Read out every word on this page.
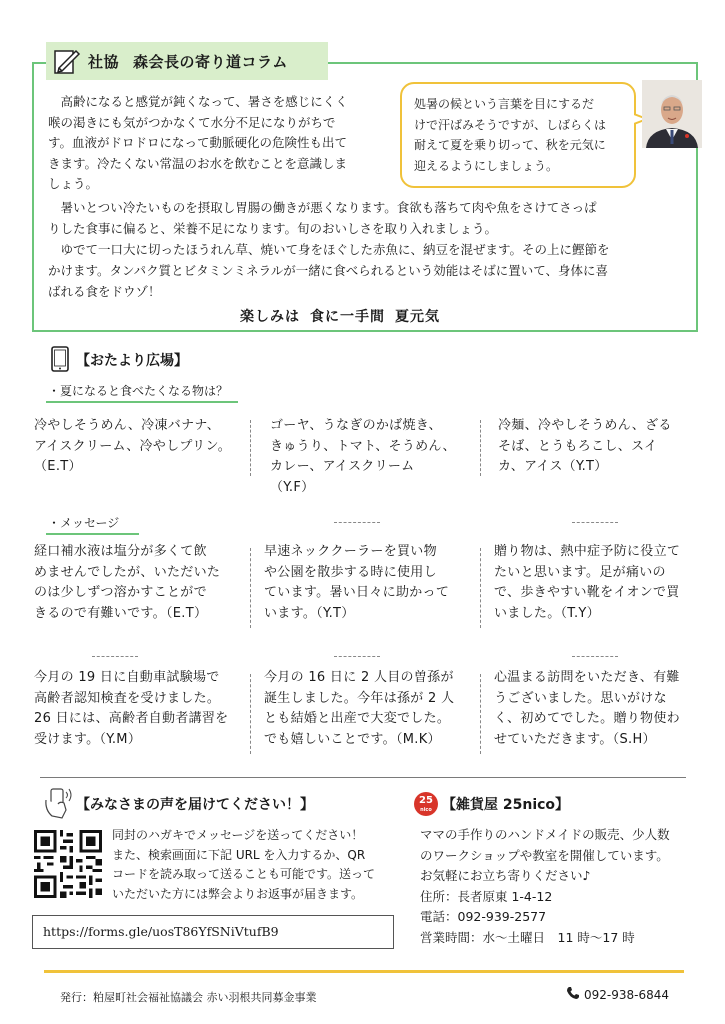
社協 森会長の寄り道コラム
高齢になると感覚が鈍くなって、暑さを感じにくく
喉の渇きにも気がつかなくて水分不足になりがちで
す。血液がドロドロになって動脈硬化の危険性も出て
きます。冷たくない常温のお水を飲むことを意識しま
しょう。
暑いとつい冷たいものを摂取し胃腸の働きが悪くなります。食欲も落ちて肉や魚をさけてさっぱ
りした食事に偏ると、栄養不足になります。旬のおいしさを取り入れましょう。
ゆでて一口大に切ったほうれん草、焼いて身をほぐした赤魚に、納豆を混ぜます。その上に鰹節を
かけます。タンパク質とビタミンミネラルが一緒に食べられるという効能はそばに置いて、身体に喜
ばれる食をドウゾ！
処暑の候という言葉を目にするだ
けで汗ばみそうですが、しばらくは
耐えて夏を乗り切って、秋を元気に
迎えるようにしましょう。
楽しみは 食に一手間 夏元気
【おたより広場】
・夏になると食べたくなる物は？
冷やしそうめん、冷凍バナナ、
アイスクリーム、冷やしプリン。
（E.T）
ゴーヤ、うなぎのかば焼き、
きゅうり、トマト、そうめん、
カレー、アイスクリーム
（Y.F）
冷麺、冷やしそうめん、ざる
そば、とうもろこし、スイ
カ、アイス（Y.T）
・メッセージ
経口補水液は塩分が多くて飲
めませんでしたが、いただいた
のは少しずつ溶かすことがで
きるので有難いです。（E.T）
早速ネッククーラーを買い物
や公園を散歩する時に使用し
ています。暑い日々に助かって
います。（Y.T）
贈り物は、熱中症予防に役立て
たいと思います。足が痛いの
で、歩きやすい靴をイオンで買
いました。（T.Y）
今月の 19 日に自動車試験場で
高齢者認知検査を受けました。
26 日には、高齢者自動者講習を
受けます。（Y.M）
今月の 16 日に 2 人目の曽孫が
誕生しました。今年は孫が 2 人
とも結婚と出産で大変でした。
でも嬉しいことです。（M.K）
心温まる訪問をいただき、有難
うございました。思いがけな
く、初めてでした。贈り物使わ
せていただきます。（S.H）
【みなさまの声を届けてください！】
同封のハガキでメッセージを送ってください！
また、検索画面に下記 URL を入力するか、QR
コードを読み取って送ることも可能です。送って
いただいた方には弊会よりお返事が届きます。
https://forms.gle/uosT86YfSNiVtufB9
25
nico 【雑貨屋 25nico】
ママの手作りのハンドメイドの販売、少人数
のワークショップや教室を開催しています。
お気軽にお立ち寄りください♪
住所：長者原東 1-4-12
電話：092-939-2577
営業時間：水～土曜日　11 時～17 時
発行：粕屋町社会福祉協議会 赤い羽根共同募金事業	092-938-6844
